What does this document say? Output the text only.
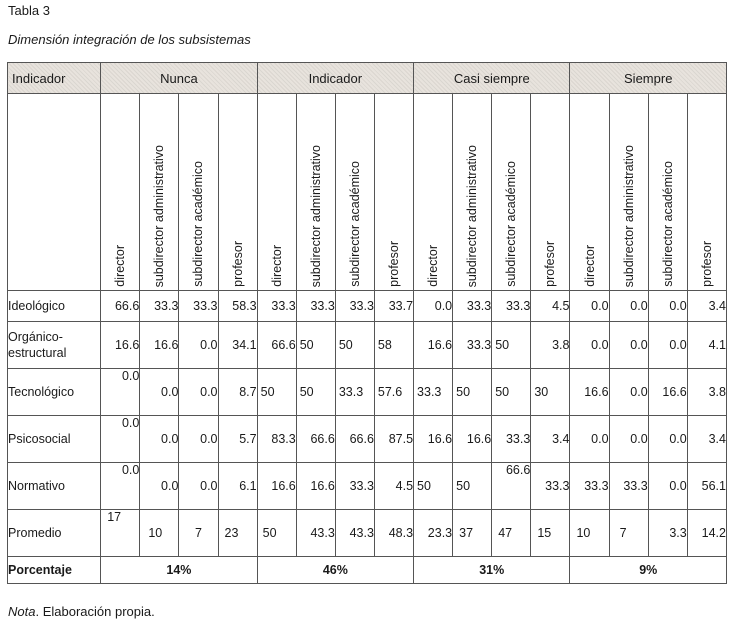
Tabla 3
Dimensión integración de los subsistemas
Indicador	Nunca				Indicador				Casi siempre				Siempre			
	director	subdirector administrativo	subdirector académico	profesor	director	subdirector administrativo	subdirector académico	profesor	director	subdirector administrativo	subdirector académico	profesor	director	subdirector administrativo	subdirector académico	profesor
Ideológico	66.6	33.3	33.3	58.3	33.3	33.3	33.3	33.7	0.0	33.3	33.3	4.5	0.0	0.0	0.0	3.4
Orgánico-estructural	16.6	16.6	0.0	34.1	66.6	50	50	58	16.6	33.3	50	3.8	0.0	0.0	0.0	4.1
Tecnológico	0.0	0.0	0.0	8.7	50	50	33.3	57.6	33.3	50	50	30	16.6	0.0	16.6	3.8
Psicosocial	0.0	0.0	0.0	5.7	83.3	66.6	66.6	87.5	16.6	16.6	33.3	3.4	0.0	0.0	0.0	3.4
Normativo	0.0	0.0	0.0	6.1	16.6	16.6	33.3	4.5	50	50	66.6	33.3	33.3	33.3	0.0	56.1
Promedio	17	10	7	23	50	43.3	43.3	48.3	23.3	37	47	15	10	7	3.3	14.2
Porcentaje	14%				46%				31%				9%			
Nota. Elaboración propia.
